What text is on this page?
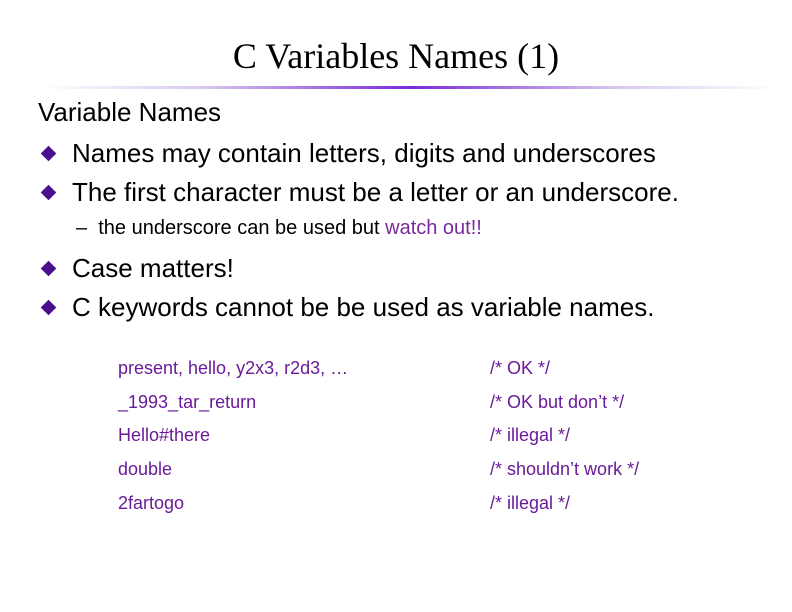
C Variables Names (1)
Variable Names
Names may contain letters, digits and underscores
The first character must be a letter or an underscore.
– the underscore can be used but watch out!!
Case matters!
C keywords cannot be be used as variable names.
present, hello, y2x3, r2d3, …	/* OK */
_1993_tar_return	/* OK but don’t */
Hello#there	/* illegal */
double	/* shouldn’t work */
2fartogo	/* illegal */
